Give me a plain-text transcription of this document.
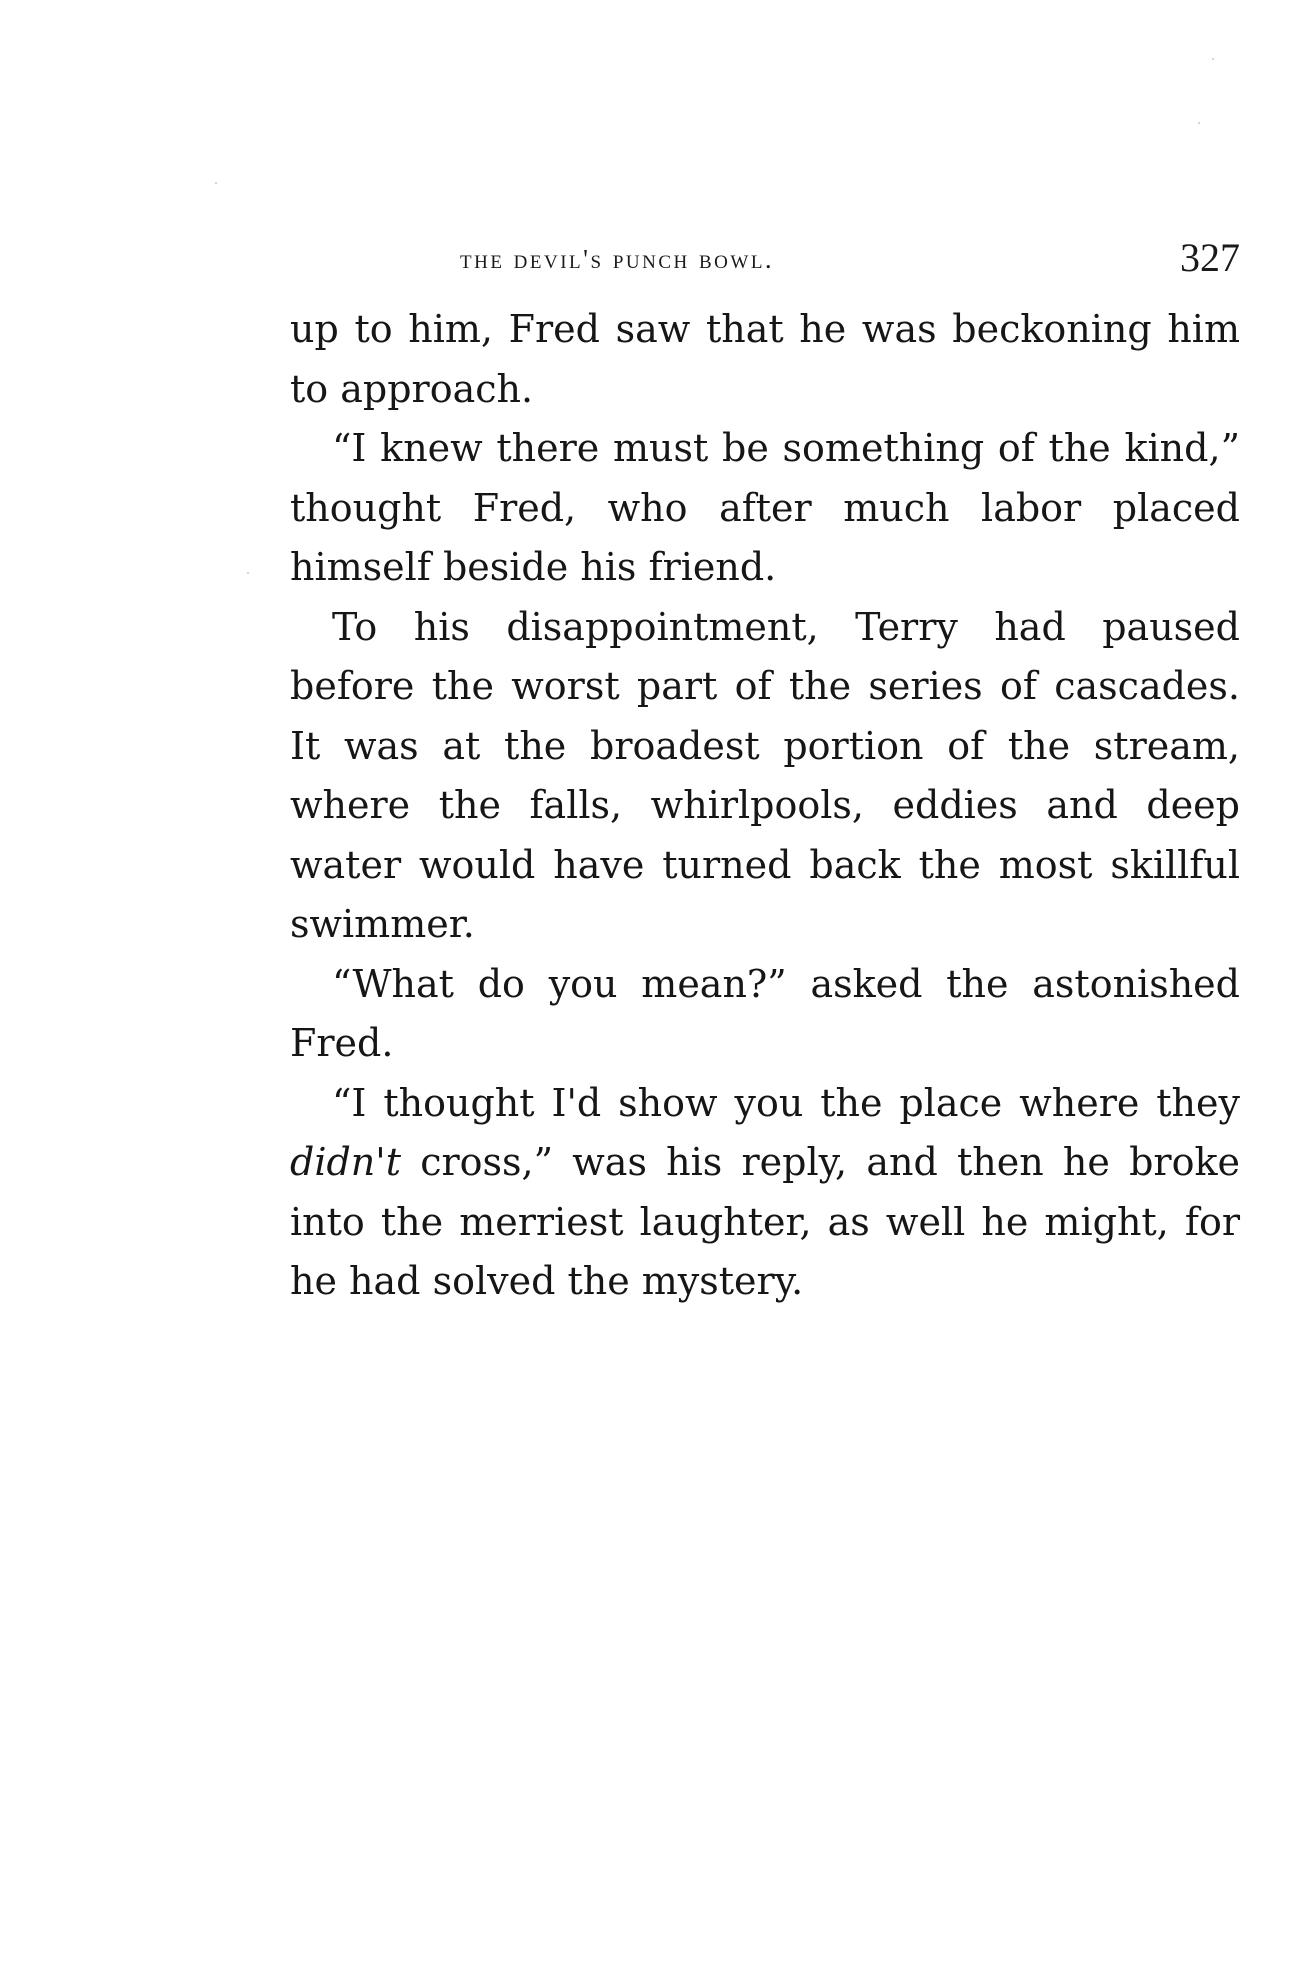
the devil's punch bowl.	327

up to him, Fred saw that he was beckoning him to approach.

“I knew there must be something of the kind,” thought Fred, who after much labor placed himself beside his friend.

To his disappointment, Terry had paused before the worst part of the series of cascades. It was at the broadest portion of the stream, where the falls, whirlpools, eddies and deep water would have turned back the most skillful swimmer.

“What do you mean?” asked the astonished Fred.

“I thought I'd show you the place where they didn't cross,” was his reply, and then he broke into the merriest laughter, as well he might, for he had solved the mystery.
